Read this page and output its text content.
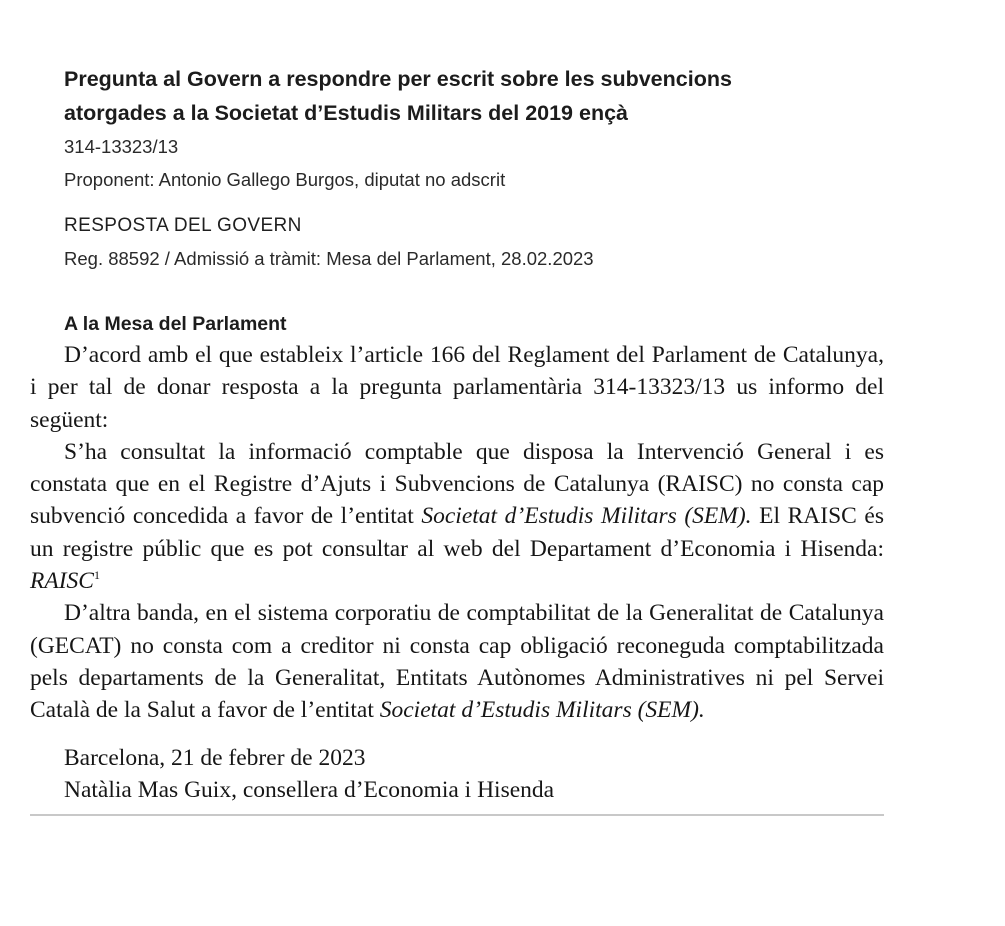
Pregunta al Govern a respondre per escrit sobre les subvencions
atorgades a la Societat d’Estudis Militars del 2019 ençà
314-13323/13
Proponent: Antonio Gallego Burgos, diputat no adscrit
RESPOSTA DEL GOVERN
Reg. 88592 / Admissió a tràmit: Mesa del Parlament, 28.02.2023
A la Mesa del Parlament

D’acord amb el que estableix l’article 166 del Reglament del Parlament de Catalunya, i per tal de donar resposta a la pregunta parlamentària 314-13323/13 us informo del següent:

S’ha consultat la informació comptable que disposa la Intervenció General i es constata que en el Registre d’Ajuts i Subvencions de Catalunya (RAISC) no consta cap subvenció concedida a favor de l’entitat Societat d’Estudis Militars (SEM). El RAISC és un registre públic que es pot consultar al web del Departament d’Economia i Hisenda: RAISC$^1$

D’altra banda, en el sistema corporatiu de comptabilitat de la Generalitat de Catalunya (GECAT) no consta com a creditor ni consta cap obligació reconeguda comptabilitzada pels departaments de la Generalitat, Entitats Autònomes Administratives ni pel Servei Català de la Salut a favor de l’entitat Societat d’Estudis Militars (SEM).

Barcelona, 21 de febrer de 2023
Natàlia Mas Guix, consellera d’Economia i Hisenda
